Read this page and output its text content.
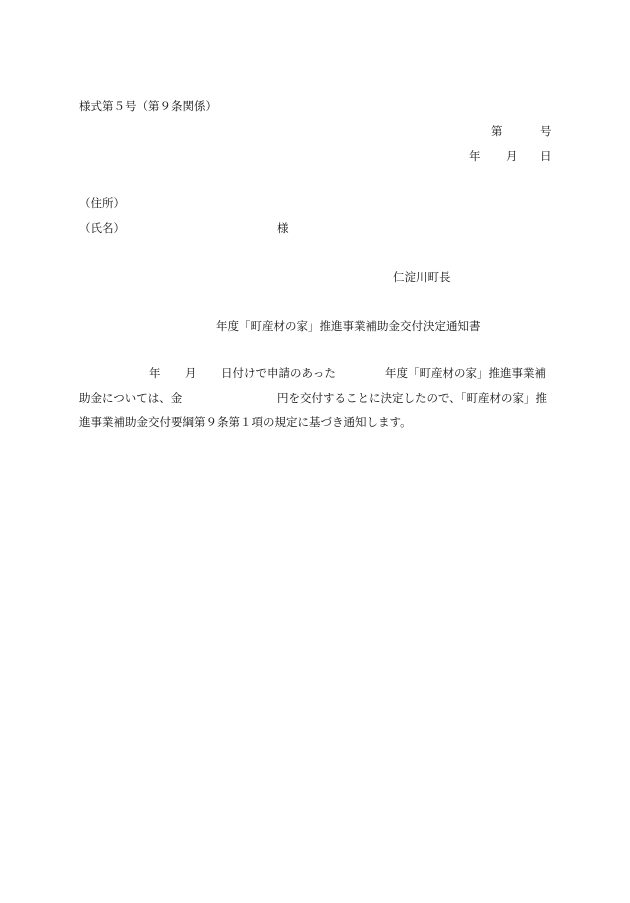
様式第５号（第９条関係）
第	号
年 月 日
（住所）
（氏名）	様
仁淀川町長
年度「町産材の家」推進事業補助金交付決定通知書
年 月 日付けで申請のあった	年度「町産材の家」推進事業補
助金については、金	円を交付することに決定したので、「町産材の家」推
進事業補助金交付要綱第９条第１項の規定に基づき通知します。
